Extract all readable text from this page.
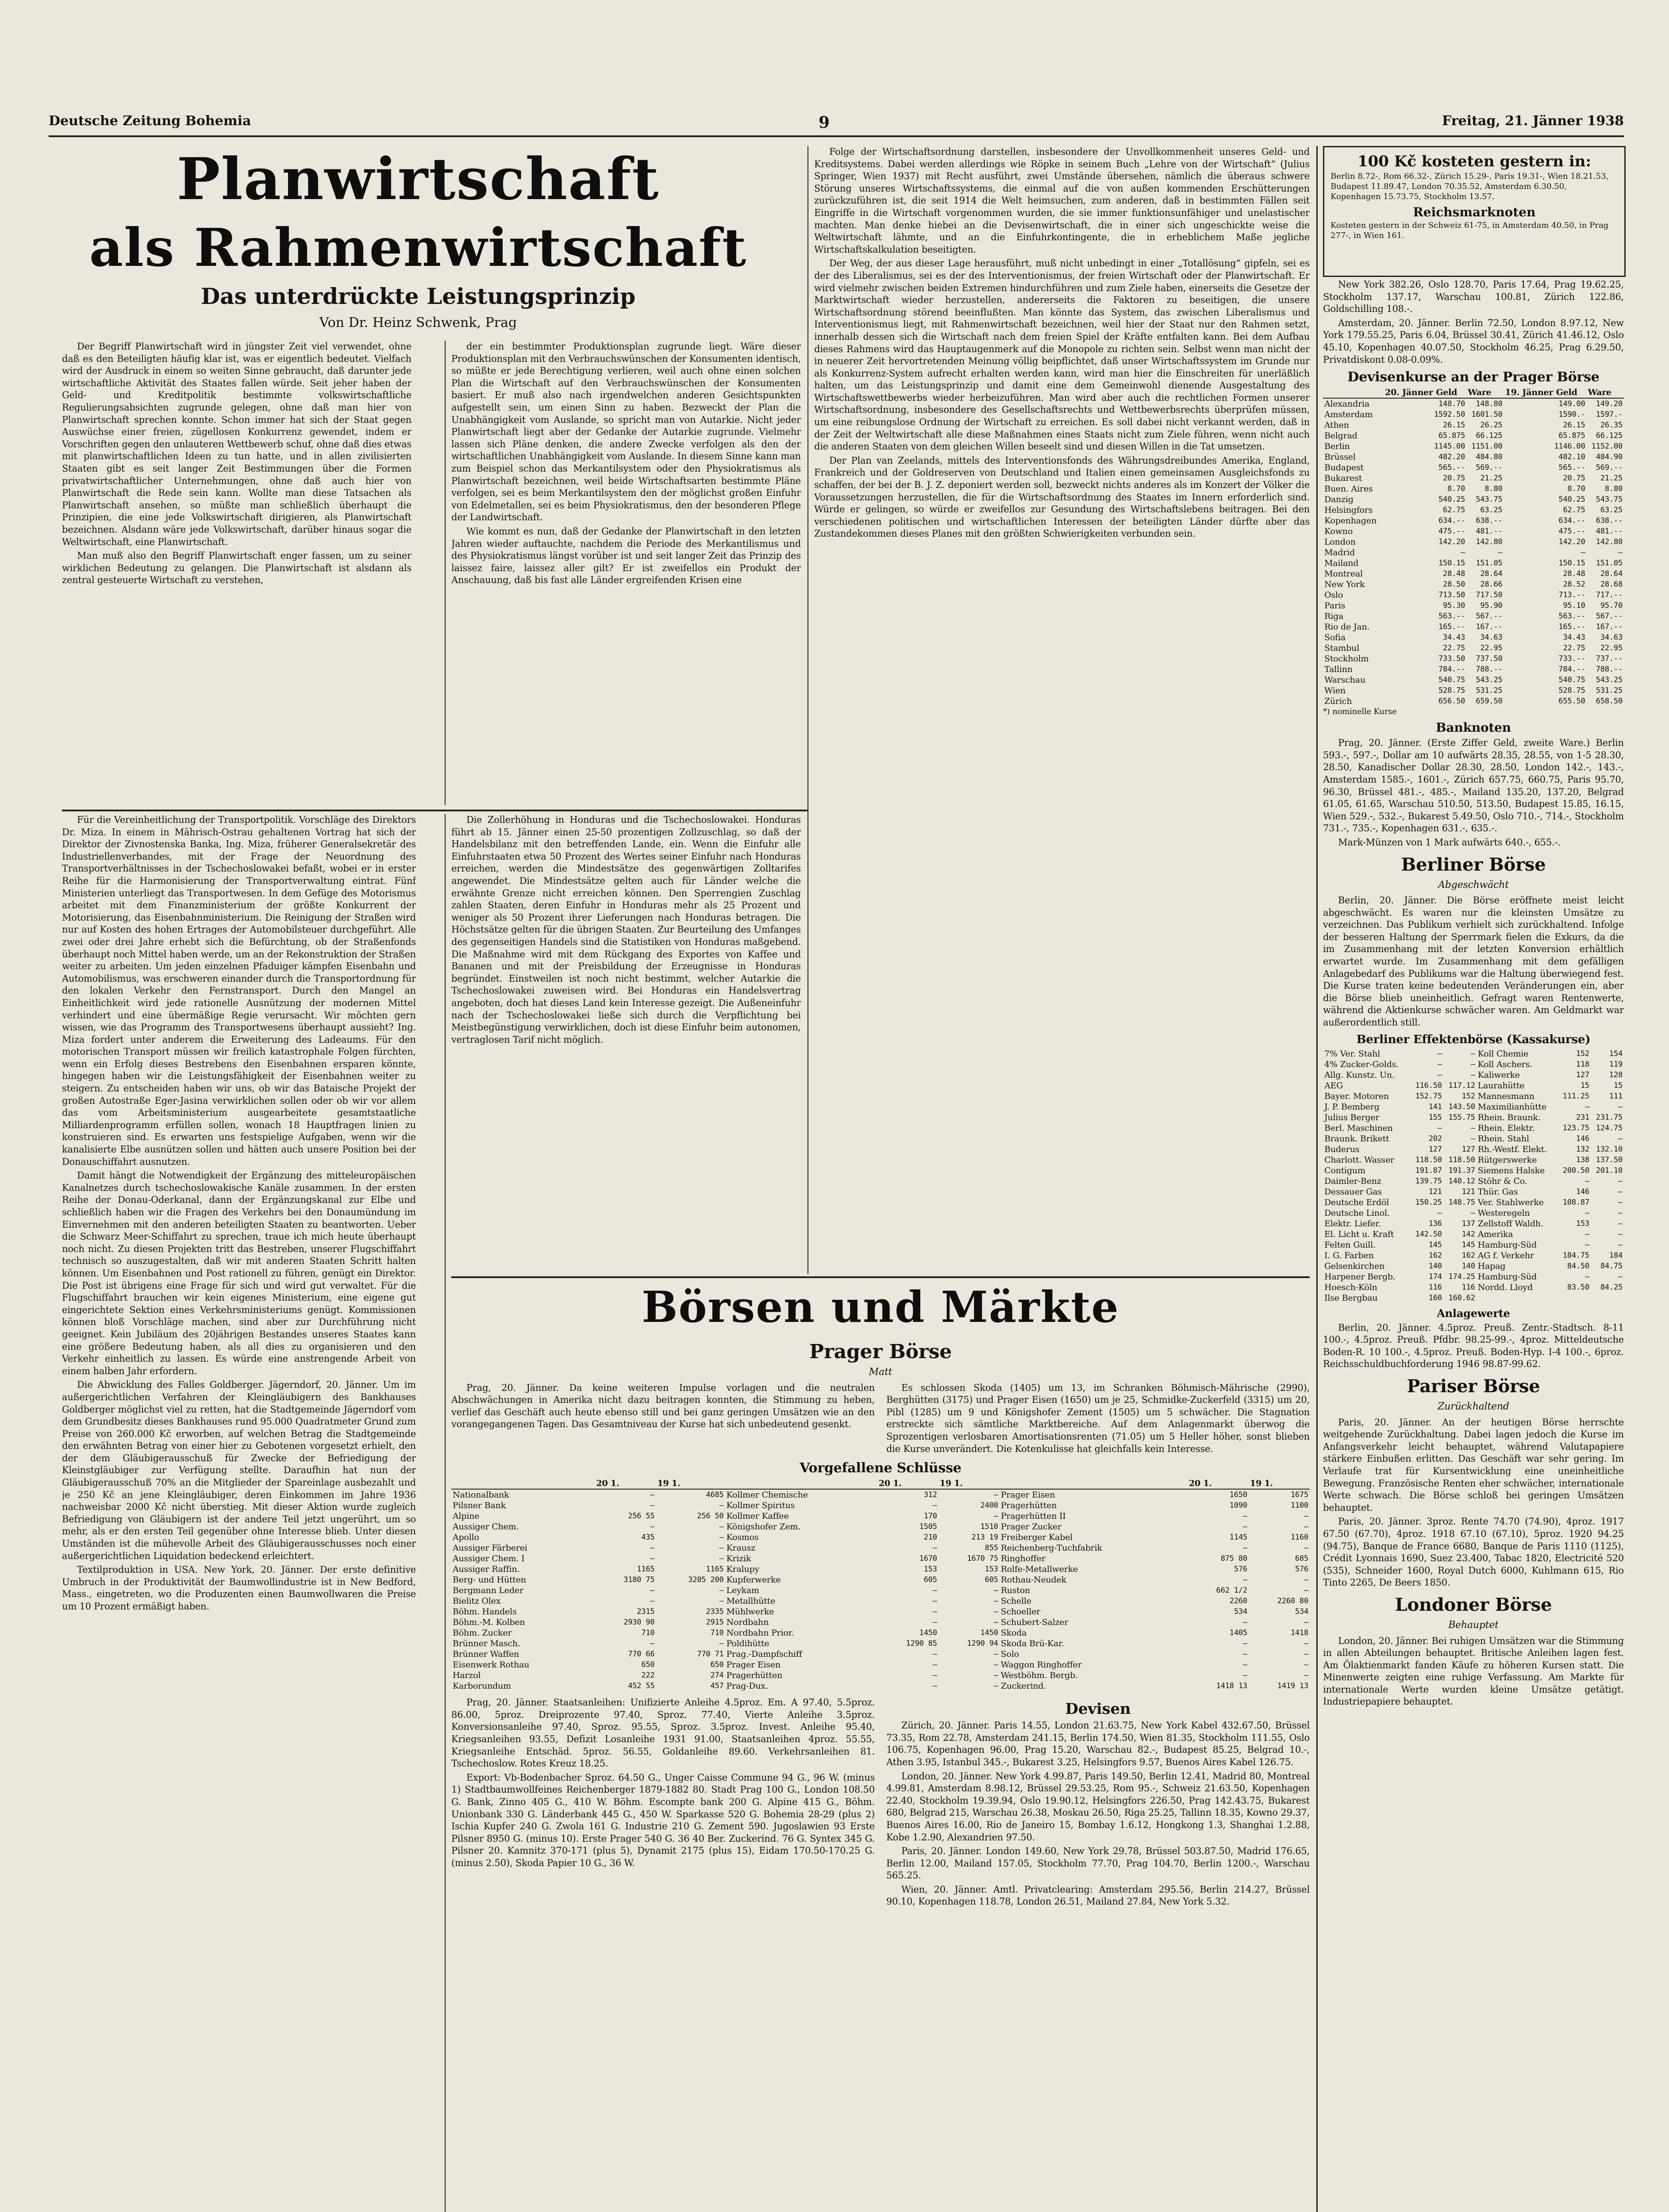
Deutsche Zeitung Bohemia	9	Freitag, 21. Jänner 1938
Planwirtschaft
als Rahmenwirtschaft
Das unterdrückte Leistungsprinzip
Von Dr. Heinz Schwenk, Prag

Der Begriff Planwirtschaft wird in jüngster Zeit viel verwendet, ohne daß es den Beteiligten häufig klar ist, was er eigentlich bedeutet. Vielfach wird der Ausdruck in einem so weiten Sinne gebraucht, daß darunter jede wirtschaftliche Aktivität des Staates fallen würde. Seit jeher haben der Geld- und Kreditpolitik bestimmte volkswirtschaftliche Regulierungsabsichten zugrunde gelegen, ohne daß man hier von Planwirtschaft sprechen konnte. Schon immer hat sich der Staat gegen Auswüchse einer freien, zügellosen Konkurrenz gewendet, indem er Vorschriften gegen den unlauteren Wettbewerb schuf, ohne daß dies etwas mit planwirtschaftlichen Ideen zu tun hatte, und in allen zivilisierten Staaten gibt es seit langer Zeit Bestimmungen über die Formen privatwirtschaftlicher Unternehmungen, ohne daß auch hier von Planwirtschaft die Rede sein kann. Wollte man diese Tatsachen als Planwirtschaft ansehen, so müßte man schließlich überhaupt die Prinzipien, die eine jede Volkswirtschaft dirigieren, als Planwirtschaft bezeichnen. Alsdann wäre jede Volkswirtschaft, darüber hinaus sogar die Weltwirtschaft, eine Planwirtschaft.

Man muß also den Begriff Planwirtschaft enger fassen, um zu seiner wirklichen Bedeutung zu gelangen. Die Planwirtschaft ist alsdann als zentral gesteuerte Wirtschaft zu verstehen,

der ein bestimmter Produktionsplan zugrunde liegt. Wäre dieser Produktionsplan mit den Verbrauchswünschen der Konsumenten identisch, so müßte er jede Berechtigung verlieren, weil auch ohne einen solchen Plan die Wirtschaft auf den Verbrauchswünschen der Konsumenten basiert. Er muß also nach irgendwelchen anderen Gesichtspunkten aufgestellt sein, um einen Sinn zu haben. Bezweckt der Plan die Unabhängigkeit vom Auslande, so spricht man von Autarkie. Nicht jeder Planwirtschaft liegt aber der Gedanke der Autarkie zugrunde. Vielmehr lassen sich Pläne denken, die andere Zwecke verfolgen als den der wirtschaftlichen Unabhängigkeit vom Auslande. In diesem Sinne kann man zum Beispiel schon das Merkantilsystem oder den Physiokratismus als Planwirtschaft bezeichnen, weil beide Wirtschaftsarten bestimmte Pläne verfolgen, sei es beim Merkantilsystem den der möglichst großen Einfuhr von Edelmetallen, sei es beim Physiokratismus, den der besonderen Pflege der Landwirtschaft.

Wie kommt es nun, daß der Gedanke der Planwirtschaft in den letzten Jahren wieder auftauchte, nachdem die Periode des Merkantilismus und des Physiokratismus längst vorüber ist und seit langer Zeit das Prinzip des laissez faire, laissez aller gilt? Er ist zweifellos ein Produkt der Anschauung, daß bis fast alle Länder ergreifenden Krisen eine

Folge der Wirtschaftsordnung darstellen, insbesondere der Unvollkommenheit unseres Geld- und Kreditsystems. Dabei werden allerdings wie Röpke in seinem Buch „Lehre von der Wirtschaft“ (Julius Springer, Wien 1937) mit Recht ausführt, zwei Umstände übersehen, nämlich die überaus schwere Störung unseres Wirtschaftssystems, die einmal auf die von außen kommenden Erschütterungen zurückzuführen ist, die seit 1914 die Welt heimsuchen, zum anderen, daß in bestimmten Fällen seit Eingriffe in die Wirtschaft vorgenommen wurden, die sie immer funktionsunfähiger und unelastischer machten. Man denke hiebei an die Devisenwirtschaft, die in einer sich ungeschickte weise die Weltwirtschaft lähmte, und an die Einfuhrkontingente, die in erheblichem Maße jegliche Wirtschaftskalkulation beseitigten.

Der Weg, der aus dieser Lage herausführt, muß nicht unbedingt in einer „Totallösung“ gipfeln, sei es der des Liberalismus, sei es der des Interventionismus, der freien Wirtschaft oder der Planwirtschaft. Er wird vielmehr zwischen beiden Extremen hindurchführen und zum Ziele haben, einerseits die Gesetze der Marktwirtschaft wieder herzustellen, andererseits die Faktoren zu beseitigen, die unsere Wirtschaftsordnung störend beeinflußten. Man könnte das System, das zwischen Liberalismus und Interventionismus liegt, mit Rahmenwirtschaft bezeichnen, weil hier der Staat nur den Rahmen setzt, innerhalb dessen sich die Wirtschaft nach dem freien Spiel der Kräfte entfalten kann. Bei dem Aufbau dieses Rahmens wird das Hauptaugenmerk auf die Monopole zu richten sein. Selbst wenn man nicht der in neuerer Zeit hervortretenden Meinung völlig beipflichtet, daß unser Wirtschaftssystem im Grunde nur als Konkurrenz-System aufrecht erhalten werden kann, wird man hier die Einschreiten für unerläßlich halten, um das Leistungsprinzip und damit eine dem Gemeinwohl dienende Ausgestaltung des Wirtschaftswettbewerbs wieder herbeizuführen. Man wird aber auch die rechtlichen Formen unserer Wirtschaftsordnung, insbesondere des Gesellschaftsrechts und Wettbewerbsrechts überprüfen müssen, um eine reibungslose Ordnung der Wirtschaft zu erreichen. Es soll dabei nicht verkannt werden, daß in der Zeit der Weltwirtschaft alle diese Maßnahmen eines Staats nicht zum Ziele führen, wenn nicht auch die anderen Staaten von dem gleichen Willen beseelt sind und diesen Willen in die Tat umsetzen.

Der Plan van Zeelands, mittels des Interventionsfonds des Währungsdreibundes Amerika, England, Frankreich und der Goldreserven von Deutschland und Italien einen gemeinsamen Ausgleichsfonds zu schaffen, der bei der B. J. Z. deponiert werden soll, bezweckt nichts anderes als im Konzert der Völker die Voraussetzungen herzustellen, die für die Wirtschaftsordnung des Staates im Innern erforderlich sind. Würde er gelingen, so würde er zweifellos zur Gesundung des Wirtschaftslebens beitragen. Bei den verschiedenen politischen und wirtschaftlichen Interessen der beteiligten Länder dürfte aber das Zustandekommen dieses Planes mit den größten Schwierigkeiten verbunden sein.

Für die Vereinheitlichung der Transportpolitik. Vorschläge des Direktors Dr. Miza. In einem in Mährisch-Ostrau gehaltenen Vortrag hat sich der Direktor der Zivnostenska Banka, Ing. Miza, früherer Generalsekretär des Industriellenverbandes, mit der Frage der Neuordnung des Transportverhältnisses in der Tschechoslowakei befaßt, wobei er in erster Reihe für die Harmonisierung der Transportverwaltung eintrat. Fünf Ministerien unterliegt das Transportwesen. In dem Gefüge des Motorismus arbeitet mit dem Finanzministerium der größte Konkurrent der Motorisierung, das Eisenbahnministerium. Die Reinigung der Straßen wird nur auf Kosten des hohen Ertrages der Automobilsteuer durchgeführt. Alle zwei oder drei Jahre erhebt sich die Befürchtung, ob der Straßenfonds überhaupt noch Mittel haben werde, um an der Rekonstruktion der Straßen weiter zu arbeiten. Um jeden einzelnen Pfaduiger kämpfen Eisenbahn und Automobilismus, was erschweren einander durch die Transportordnung für den lokalen Verkehr den Fernstransport. Durch den Mangel an Einheitlichkeit wird jede rationelle Ausnützung der modernen Mittel verhindert und eine übermäßige Regie verursacht. Wir möchten gern wissen, wie das Programm des Transportwesens überhaupt aussieht? Ing. Miza fordert unter anderem die Erweiterung des Ladeaums. Für den motorischen Transport müssen wir freilich katastrophale Folgen fürchten, wenn ein Erfolg dieses Bestrebens den Eisenbahnen ersparen könnte, hingegen haben wir die Leistungsfähigkeit der Eisenbahnen weiter zu steigern. Zu entscheiden haben wir uns, ob wir das Bataische Projekt der großen Autostraße Eger-Jasina verwirklichen sollen oder ob wir vor allem das vom Arbeitsministerium ausgearbeitete gesamtstaatliche Milliardenprogramm erfüllen sollen, wonach 18 Hauptfragen linien zu konstruieren sind. Es erwarten uns festspielige Aufgaben, wenn wir die kanalisierte Elbe ausnützen sollen und hätten auch unsere Position bei der Donauschiffahrt ausnutzen.

Damit hängt die Notwendigkeit der Ergänzung des mitteleuropäischen Kanalnetzes durch tschechoslowakische Kanäle zusammen. In der ersten Reihe der Donau-Oderkanal, dann der Ergänzungskanal zur Elbe und schließlich haben wir die Fragen des Verkehrs bei den Donaumündung im Einvernehmen mit den anderen beteiligten Staaten zu beantworten. Ueber die Schwarz Meer-Schiffahrt zu sprechen, traue ich mich heute überhaupt noch nicht. Zu diesen Projekten tritt das Bestreben, unserer Flugschiffahrt technisch so auszugestalten, daß wir mit anderen Staaten Schritt halten können. Um Eisenbahnen und Post rationell zu führen, genügt ein Direktor. Die Post ist übrigens eine Frage für sich und wird gut verwaltet. Für die Flugschiffahrt brauchen wir kein eigenes Ministerium, eine eigene gut eingerichtete Sektion eines Verkehrsministeriums genügt. Kommissionen können bloß Vorschläge machen, sind aber zur Durchführung nicht geeignet. Kein Jubiläum des 20jährigen Bestandes unseres Staates kann eine größere Bedeutung haben, als all dies zu organisieren und den Verkehr einheitlich zu lassen. Es würde eine anstrengende Arbeit von einem halben Jahr erfordern.

Die Abwicklung des Falles Goldberger. Jägerndorf, 20. Jänner. Um im außergerichtlichen Verfahren der Kleingläubigern des Bankhauses Goldberger möglichst viel zu retten, hat die Stadtgemeinde Jägerndorf vom dem Grundbesitz dieses Bankhauses rund 95.000 Quadratmeter Grund zum Preise von 260.000 Kč erworben, auf welchen Betrag die Stadtgemeinde den erwähnten Betrag von einer hier zu Gebotenen vorgesetzt erhielt, den der dem Gläubigerausschuß für Zwecke der Befriedigung der Kleinstgläubiger zur Verfügung stellte. Daraufhin hat nun der Gläubigerausschuß 70% an die Mitglieder der Spareinlage ausbezahlt und je 250 Kč an jene Kleingläubiger, deren Einkommen im Jahre 1936 nachweisbar 2000 Kč nicht überstieg. Mit dieser Aktion wurde zugleich Befriedigung von Gläubigern ist der andere Teil jetzt ungerührt, um so mehr, als er den ersten Teil gegenüber ohne Interesse blieb. Unter diesen Umständen ist die mühevolle Arbeit des Gläubigerausschusses noch einer außergerichtlichen Liquidation bedeckend erleichtert.

Textilproduktion in USA. New York, 20. Jänner. Der erste definitive Umbruch in der Produktivität der Baumwollindustrie ist in New Bedford, Mass., eingetreten, wo die Produzenten einen Baumwollwaren die Preise um 10 Prozent ermäßigt haben.

Die Zollerhöhung in Honduras und die Tschechoslowakei. Honduras führt ab 15. Jänner einen 25-50 prozentigen Zollzuschlag, so daß der Handelsbilanz mit den betreffenden Lande, ein. Wenn die Einfuhr alle Einfuhrstaaten etwa 50 Prozent des Wertes seiner Einfuhr nach Honduras erreichen, werden die Mindestsätze des gegenwärtigen Zolltarifes angewendet. Die Mindestsätze gelten auch für Länder welche die erwähnte Grenze nicht erreichen können. Den Sperrengien Zuschlag zahlen Staaten, deren Einfuhr in Honduras mehr als 25 Prozent und weniger als 50 Prozent ihrer Lieferungen nach Honduras betragen. Die Höchstsätze gelten für die übrigen Staaten. Zur Beurteilung des Umfanges des gegenseitigen Handels sind die Statistiken von Honduras maßgebend. Die Maßnahme wird mit dem Rückgang des Exportes von Kaffee und Bananen und mit der Preisbildung der Erzeugnisse in Honduras begründet. Einstweilen ist noch nicht bestimmt, welcher Autarkie die Tschechoslowakei zuweisen wird. Bei Honduras ein Handelsvertrag angeboten, doch hat dieses Land kein Interesse gezeigt. Die Außeneinfuhr nach der Tschechoslowakei ließe sich durch die Verpflichtung bei Meistbegünstigung verwirklichen, doch ist diese Einfuhr beim autonomen, vertraglosen Tarif nicht möglich.

Börsen und Märkte
Prager Börse
Matt

Prag, 20. Jänner. Da keine weiteren Impulse vorlagen und die neutralen Abschwächungen in Amerika nicht dazu beitragen konnten, die Stimmung zu heben, verlief das Geschäft auch heute ebenso still und bei ganz geringen Umsätzen wie an den vorangegangenen Tagen. Das Gesamtniveau der Kurse hat sich unbedeutend gesenkt.

Es schlossen Skoda (1405) um 13, im Schranken Böhmisch-Mährische (2990), Berghütten (3175) und Prager Eisen (1650) um je 25, Schmidke-Zuckerfeld (3315) um 20, Pibl (1285) um 9 und Königshofer Zement (1505) um 5 schwächer. Die Stagnation erstreckte sich sämtliche Marktbereiche. Auf dem Anlagenmarkt überwog die Sprozentigen verlosbaren Amortisationsrenten (71.05) um 5 Heller höher, sonst blieben die Kurse unverändert. Die Kotenkulisse hat gleichfalls kein Interesse.

Vorgefallene Schlüsse
	20 1.	19 1.		20 1.	19 1.		20 1.	19 1.
Nationalbank	—	4685	Kollmer Chemische	312	—	Prager Eisen	1650	1675
Pilsner Bank	—	—	Kollmer Spiritus	—	2400	Pragerhütten	1090	1100
Alpine	256 55	256 50	Kollmer Kaffee	170	—	Pragerhütten II	—	—
Aussiger Chem.	—	—	Königshofer Zem.	1505	1510	Prager Zucker	—	—
Apollo	435	—	Kosmos	210	213 19	Freiberger Kabel	1145	1160
Aussiger Färberei	—	—	Krausz	—	855	Reichenberg-Tuchfabrik	—	—
Aussiger Chem. I	—	—	Krizik	1670	1670 75	Ringhoffer	875 80	685
Aussiger Raffin.	1165	1165	Kralupy	153	153	Rolfe-Metallwerke	576	576
Berg- und Hütten	3180 75	3205 200	Kupferwerke	605	605	Rothau-Neudek	—	—
Bergmann Leder	—	—	Leykam	—	—	Ruston	662 1/2	—
Bielitz Olex	—	—	Metallhütte	—	—	Schelle	2260	2260 80
Böhm. Handels	2315	2335	Mühlwerke	—	—	Schoeller	534	534
Böhm.-M. Kolben	2930 90	2915	Nordbahn	—	—	Schubert-Salzer	—	—
Böhm. Zucker	710	710	Nordbahn Prior.	1450	1450	Skoda	1405	1418
Brünner Masch.	—	—	Poldihütte	1290 85	1290 94	Skoda Brü-Kar.	—	—
Brünner Waffen	770 66	770 71	Prag.-Dampfschiff	—	—	Solo	—	—
Eisenwerk Rothau	650	650	Prager Eisen	—	—	Waggon Ringhoffer	—	—
Harzol	222	274	Pragerhütten	—	—	Westböhm. Bergb.	—	—
Karborundum	452 55	457	Prag-Dux.	—	—	Zuckerind.	1418 13	1419 13

Prag, 20. Jänner. Staatsanleihen: Unifizierte Anleihe 4.5proz. Em. A 97.40, 5.5proz. 86.00, 5proz. Dreiprozente 97.40, Sproz. 77.40, Vierte Anleihe 3.5proz. Konversionsanleihe 97.40, Sproz. 95.55, Sproz. 3.5proz. Invest. Anleihe 95.40, Kriegsanleihen 93.55, Defizit Losanleihe 1931 91.00, Staatsanleihen 4proz. 55.55, Kriegsanleihe Entschäd. 5proz. 56.55, Goldanleihe 89.60. Verkehrsanleihen 81. Tschechoslow. Rotes Kreuz 18.25.

Export: Vb-Bodenbacher Sproz. 64.50 G., Unger Caisse Commune 94 G., 96 W. (minus 1) Stadtbaumwollfeines Reichenberger 1879-1882 80. Stadt Prag 100 G., London 108.50 G. Bank, Zinno 405 G., 410 W. Böhm. Escompte bank 200 G. Alpine 415 G., Böhm. Unionbank 330 G. Länderbank 445 G., 450 W. Sparkasse 520 G. Bohemia 28-29 (plus 2) Ischia Kupfer 240 G. Zwola 161 G. Industrie 210 G. Zement 590. Jugoslawien 93 Erste Pilsner 8950 G. (minus 10). Erste Prager 540 G. 36 40 Ber. Zuckerind. 76 G. Syntex 345 G. Pilsner 20. Kamnitz 370-171 (plus 5), Dynamit 2175 (plus 15), Eidam 170.50-170.25 G. (minus 2.50), Skoda Papier 10 G., 36 W.

Devisen

Zürich, 20. Jänner. Paris 14.55, London 21.63.75, New York Kabel 432.67.50, Brüssel 73.35, Rom 22.78, Amsterdam 241.15, Berlin 174.50, Wien 81.35, Stockholm 111.55, Oslo 106.75, Kopenhagen 96.00, Prag 15.20, Warschau 82.-, Budapest 85.25, Belgrad 10.-, Athen 3.95, Istanbul 345.-, Bukarest 3.25, Helsingfors 9.57, Buenos Aires Kabel 126.75.

London, 20. Jänner. New York 4.99.87, Paris 149.50, Berlin 12.41, Madrid 80, Montreal 4.99.81, Amsterdam 8.98.12, Brüssel 29.53.25, Rom 95.-, Schweiz 21.63.50, Kopenhagen 22.40, Stockholm 19.39.94, Oslo 19.90.12, Helsingfors 226.50, Prag 142.43.75, Bukarest 680, Belgrad 215, Warschau 26.38, Moskau 26.50, Riga 25.25, Tallinn 18.35, Kowno 29.37, Buenos Aires 16.00, Rio de Janeiro 15, Bombay 1.6.12, Hongkong 1.3, Shanghai 1.2.88, Kobe 1.2.90, Alexandrien 97.50.

Paris, 20. Jänner. London 149.60, New York 29.78, Brüssel 503.87.50, Madrid 176.65, Berlin 12.00, Mailand 157.05, Stockholm 77.70, Prag 104.70, Berlin 1200.-, Warschau 565.25.

Wien, 20. Jänner. Amtl. Privatclearing: Amsterdam 295.56, Berlin 214.27, Brüssel 90.10, Kopenhagen 118.78, London 26.51, Mailand 27.84, New York 5.32.

100 Kč kosteten gestern in:
Berlin 8.72-, Rom 66.32-, Zürich 15.29-, Paris 19.31-, Wien 18.21.53, Budapest 11.89.47, London 70.35.52, Amsterdam 6.30.50, Kopenhagen 15.73.75, Stockholm 13.57.
Reichsmarknoten
Kosteten gestern in der Schweiz 61-75, in Amsterdam 40.50, in Prag 277-, in Wien 161.

New York 382.26, Oslo 128.70, Paris 17.64, Prag 19.62.25, Stockholm 137.17, Warschau 100.81, Zürich 122.86, Goldschilling 108.-.

Amsterdam, 20. Jänner. Berlin 72.50, London 8.97.12, New York 179.55.25, Paris 6.04, Brüssel 30.41, Zürich 41.46.12, Oslo 45.10, Kopenhagen 40.07.50, Stockholm 46.25, Prag 6.29.50, Privatdiskont 0.08-0.09%.

Devisenkurse an der Prager Börse
	20. Jänner Geld	Ware	19. Jänner Geld	Ware
Alexandria	148.70	148.80	149.00	149.20
Amsterdam	1592.50	1601.50	1590.-	1597.-
Athen	26.15	26.25	26.15	26.35
Belgrad	65.875	66.125	65.875	66.125
Berlin	1145.00	1151.00	1146.00	1152.00
Brüssel	482.20	484.80	482.10	484.90
Budapest	565.--	569.--	565.--	569.--
Bukarest	20.75	21.25	20.75	21.25
Buen. Aires	8.70	8.80	8.70	8.80
Danzig	540.25	543.75	540.25	543.75
Helsingfors	62.75	63.25	62.75	63.25
Kopenhagen	634.--	638.--	634.--	638.--
Kowno	475.--	481.--	475.--	481.--
London	142.20	142.80	142.20	142.80
Madrid	—	—	—	—
Mailand	150.15	151.05	150.15	151.05
Montreal	28.48	28.64	28.48	28.64
New York	28.50	28.66	28.52	28.68
Oslo	713.50	717.50	713.--	717.--
Paris	95.30	95.90	95.10	95.70
Riga	563.--	567.--	563.--	567.--
Rio de Jan.	165.--	167.--	165.--	167.--
Sofia	34.43	34.63	34.43	34.63
Stambul	22.75	22.95	22.75	22.95
Stockholm	733.50	737.50	733.--	737.--
Tallinn	784.--	788.--	784.--	788.--
Warschau	540.75	543.25	540.75	543.25
Wien	528.75	531.25	528.75	531.25
Zürich	656.50	659.50	655.50	658.50
*) nominelle Kurse
Banknoten

Prag, 20. Jänner. (Erste Ziffer Geld, zweite Ware.) Berlin 593.-, 597.-, Dollar am 10 aufwärts 28.35, 28.55, von 1-5 28.30, 28.50, Kanadischer Dollar 28.30, 28.50, London 142.-, 143.-, Amsterdam 1585.-, 1601.-, Zürich 657.75, 660.75, Paris 95.70, 96.30, Brüssel 481.-, 485.-, Mailand 135.20, 137.20, Belgrad 61.05, 61.65, Warschau 510.50, 513.50, Budapest 15.85, 16.15, Wien 529.-, 532.-, Bukarest 5.49.50, Oslo 710.-, 714.-, Stockholm 731.-, 735.-, Kopenhagen 631.-, 635.-.

Mark-Münzen von 1 Mark aufwärts 640.-, 655.-.

Berliner Börse
Abgeschwächt

Berlin, 20. Jänner. Die Börse eröffnete meist leicht abgeschwächt. Es waren nur die kleinsten Umsätze zu verzeichnen. Das Publikum verhielt sich zurückhaltend. Infolge der besseren Haltung der Sperrmark fielen die Exkurs, da die im Zusammenhang mit der letzten Konversion erhältlich erwartet wurde. Im Zusammenhang mit dem gefälligen Anlagebedarf des Publikums war die Haltung überwiegend fest. Die Kurse traten keine bedeutenden Veränderungen ein, aber die Börse blieb uneinheitlich. Gefragt waren Rentenwerte, während die Aktienkurse schwächer waren. Am Geldmarkt war außerordentlich still.

Berliner Effektenbörse (Kassakurse)
7% Ver. Stahl	—	—	Koll Chemie	152	154
4% Zucker-Golds.	—	—	Koll Aschers.	118	119
Allg. Kunstz. Un.	—	—	Kaliwerke	127	128
AEG	116.50	117.12	Laurahütte	15	15
Bayer. Motoren	152.75	152	Mannesmann	111.25	111
J. P. Bemberg	141	143.50	Maximilianhütte	—	—
Julius Berger	155	155.75	Rhein. Braunk.	231	231.75
Berl. Maschinen	—	—	Rhein. Elektr.	123.75	124.75
Braunk. Brikett	202	—	Rhein. Stahl	146	—
Buderus	127	127	Rh.-Westf. Elekt.	132	132.10
Charlott. Wasser	118.50	118.50	Rütgerswerke	138	137.50
Contigum	191.87	191.37	Siemens Halske	200.50	201.10
Daimler-Benz	139.75	140.12	Stöhr & Co.	—	—
Dessauer Gas	121	121	Thür. Gas	146	—
Deutsche Erdöl	150.25	148.75	Ver. Stahlwerke	108.87	—
Deutsche Linol.	—	—	Westeregeln	—	—
Elektr. Liefer.	136	137	Zellstoff Waldh.	153	—
El. Licht u. Kraft	142.50	142	Amerika	—	—
Felten Guill.	145	145	Hamburg-Süd	—	—
I. G. Farben	162	162	AG f. Verkehr	184.75	184
Gelsenkirchen	140	140	Hapag	84.50	84.75
Harpener Bergb.	174	174.25	Hamburg-Süd	—	—
Hoesch-Köln	116	116	Nordd. Lloyd	83.50	84.25
Ilse Bergbau	160	160.62			
Anlagewerte

Berlin, 20. Jänner. 4.5proz. Preuß. Zentr.-Stadtsch. 8-11 100.-, 4.5proz. Preuß. Pfdbr. 98.25-99.-, 4proz. Mitteldeutsche Boden-R. 10 100.-, 4.5proz. Preuß. Boden-Hyp. I-4 100.-, 6proz. Reichsschuldbuchforderung 1946 98.87-99.62.

Pariser Börse
Zurückhaltend

Paris, 20. Jänner. An der heutigen Börse herrschte weitgehende Zurückhaltung. Dabei lagen jedoch die Kurse im Anfangsverkehr leicht behauptet, während Valutapapiere stärkere Einbußen erlitten. Das Geschäft war sehr gering. Im Verlaufe trat für Kursentwicklung eine uneinheitliche Bewegung. Französische Renten eher schwächer, internationale Werte schwach. Die Börse schloß bei geringen Umsätzen behauptet.

Paris, 20. Jänner. 3proz. Rente 74.70 (74.90), 4proz. 1917 67.50 (67.70), 4proz. 1918 67.10 (67.10), 5proz. 1920 94.25 (94.75), Banque de France 6680, Banque de Paris 1110 (1125), Crédit Lyonnais 1690, Suez 23.400, Tabac 1820, Electricité 520 (535), Schneider 1600, Royal Dutch 6000, Kuhlmann 615, Rio Tinto 2265, De Beers 1850.

Londoner Börse
Behauptet

London, 20. Jänner. Bei ruhigen Umsätzen war die Stimmung in allen Abteilungen behauptet. Britische Anleihen lagen fest. Am Ölaktienmarkt fanden Käufe zu höheren Kursen statt. Die Minenwerte zeigten eine ruhige Verfassung. Am Markte für internationale Werte wurden kleine Umsätze getätigt. Industriepapiere behauptet.
